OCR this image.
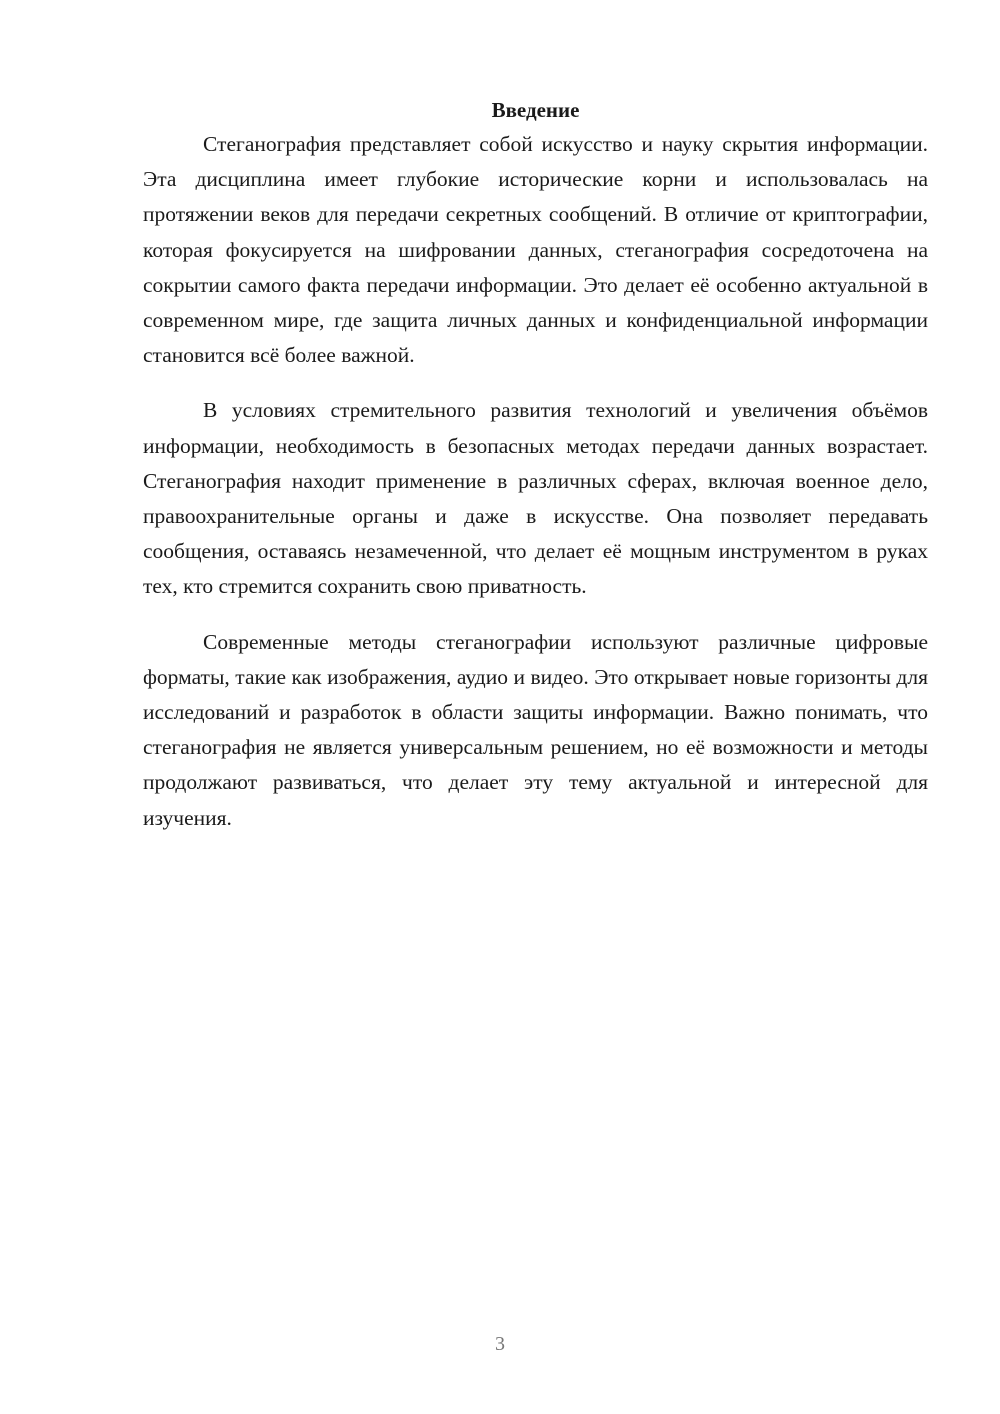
Введение

Стеганография представляет собой искусство и науку скрытия информации. Эта дисциплина имеет глубокие исторические корни и использовалась на протяжении веков для передачи секретных сообщений. В отличие от криптографии, которая фокусируется на шифровании данных, стеганография сосредоточена на сокрытии самого факта передачи информации. Это делает её особенно актуальной в современном мире, где защита личных данных и конфиденциальной информации становится всё более важной.

В условиях стремительного развития технологий и увеличения объёмов информации, необходимость в безопасных методах передачи данных возрастает. Стеганография находит применение в различных сферах, включая военное дело, правоохранительные органы и даже в искусстве. Она позволяет передавать сообщения, оставаясь незамеченной, что делает её мощным инструментом в руках тех, кто стремится сохранить свою приватность.

Современные методы стеганографии используют различные цифровые форматы, такие как изображения, аудио и видео. Это открывает новые горизонты для исследований и разработок в области защиты информации. Важно понимать, что стеганография не является универсальным решением, но её возможности и методы продолжают развиваться, что делает эту тему актуальной и интересной для изучения.

3
